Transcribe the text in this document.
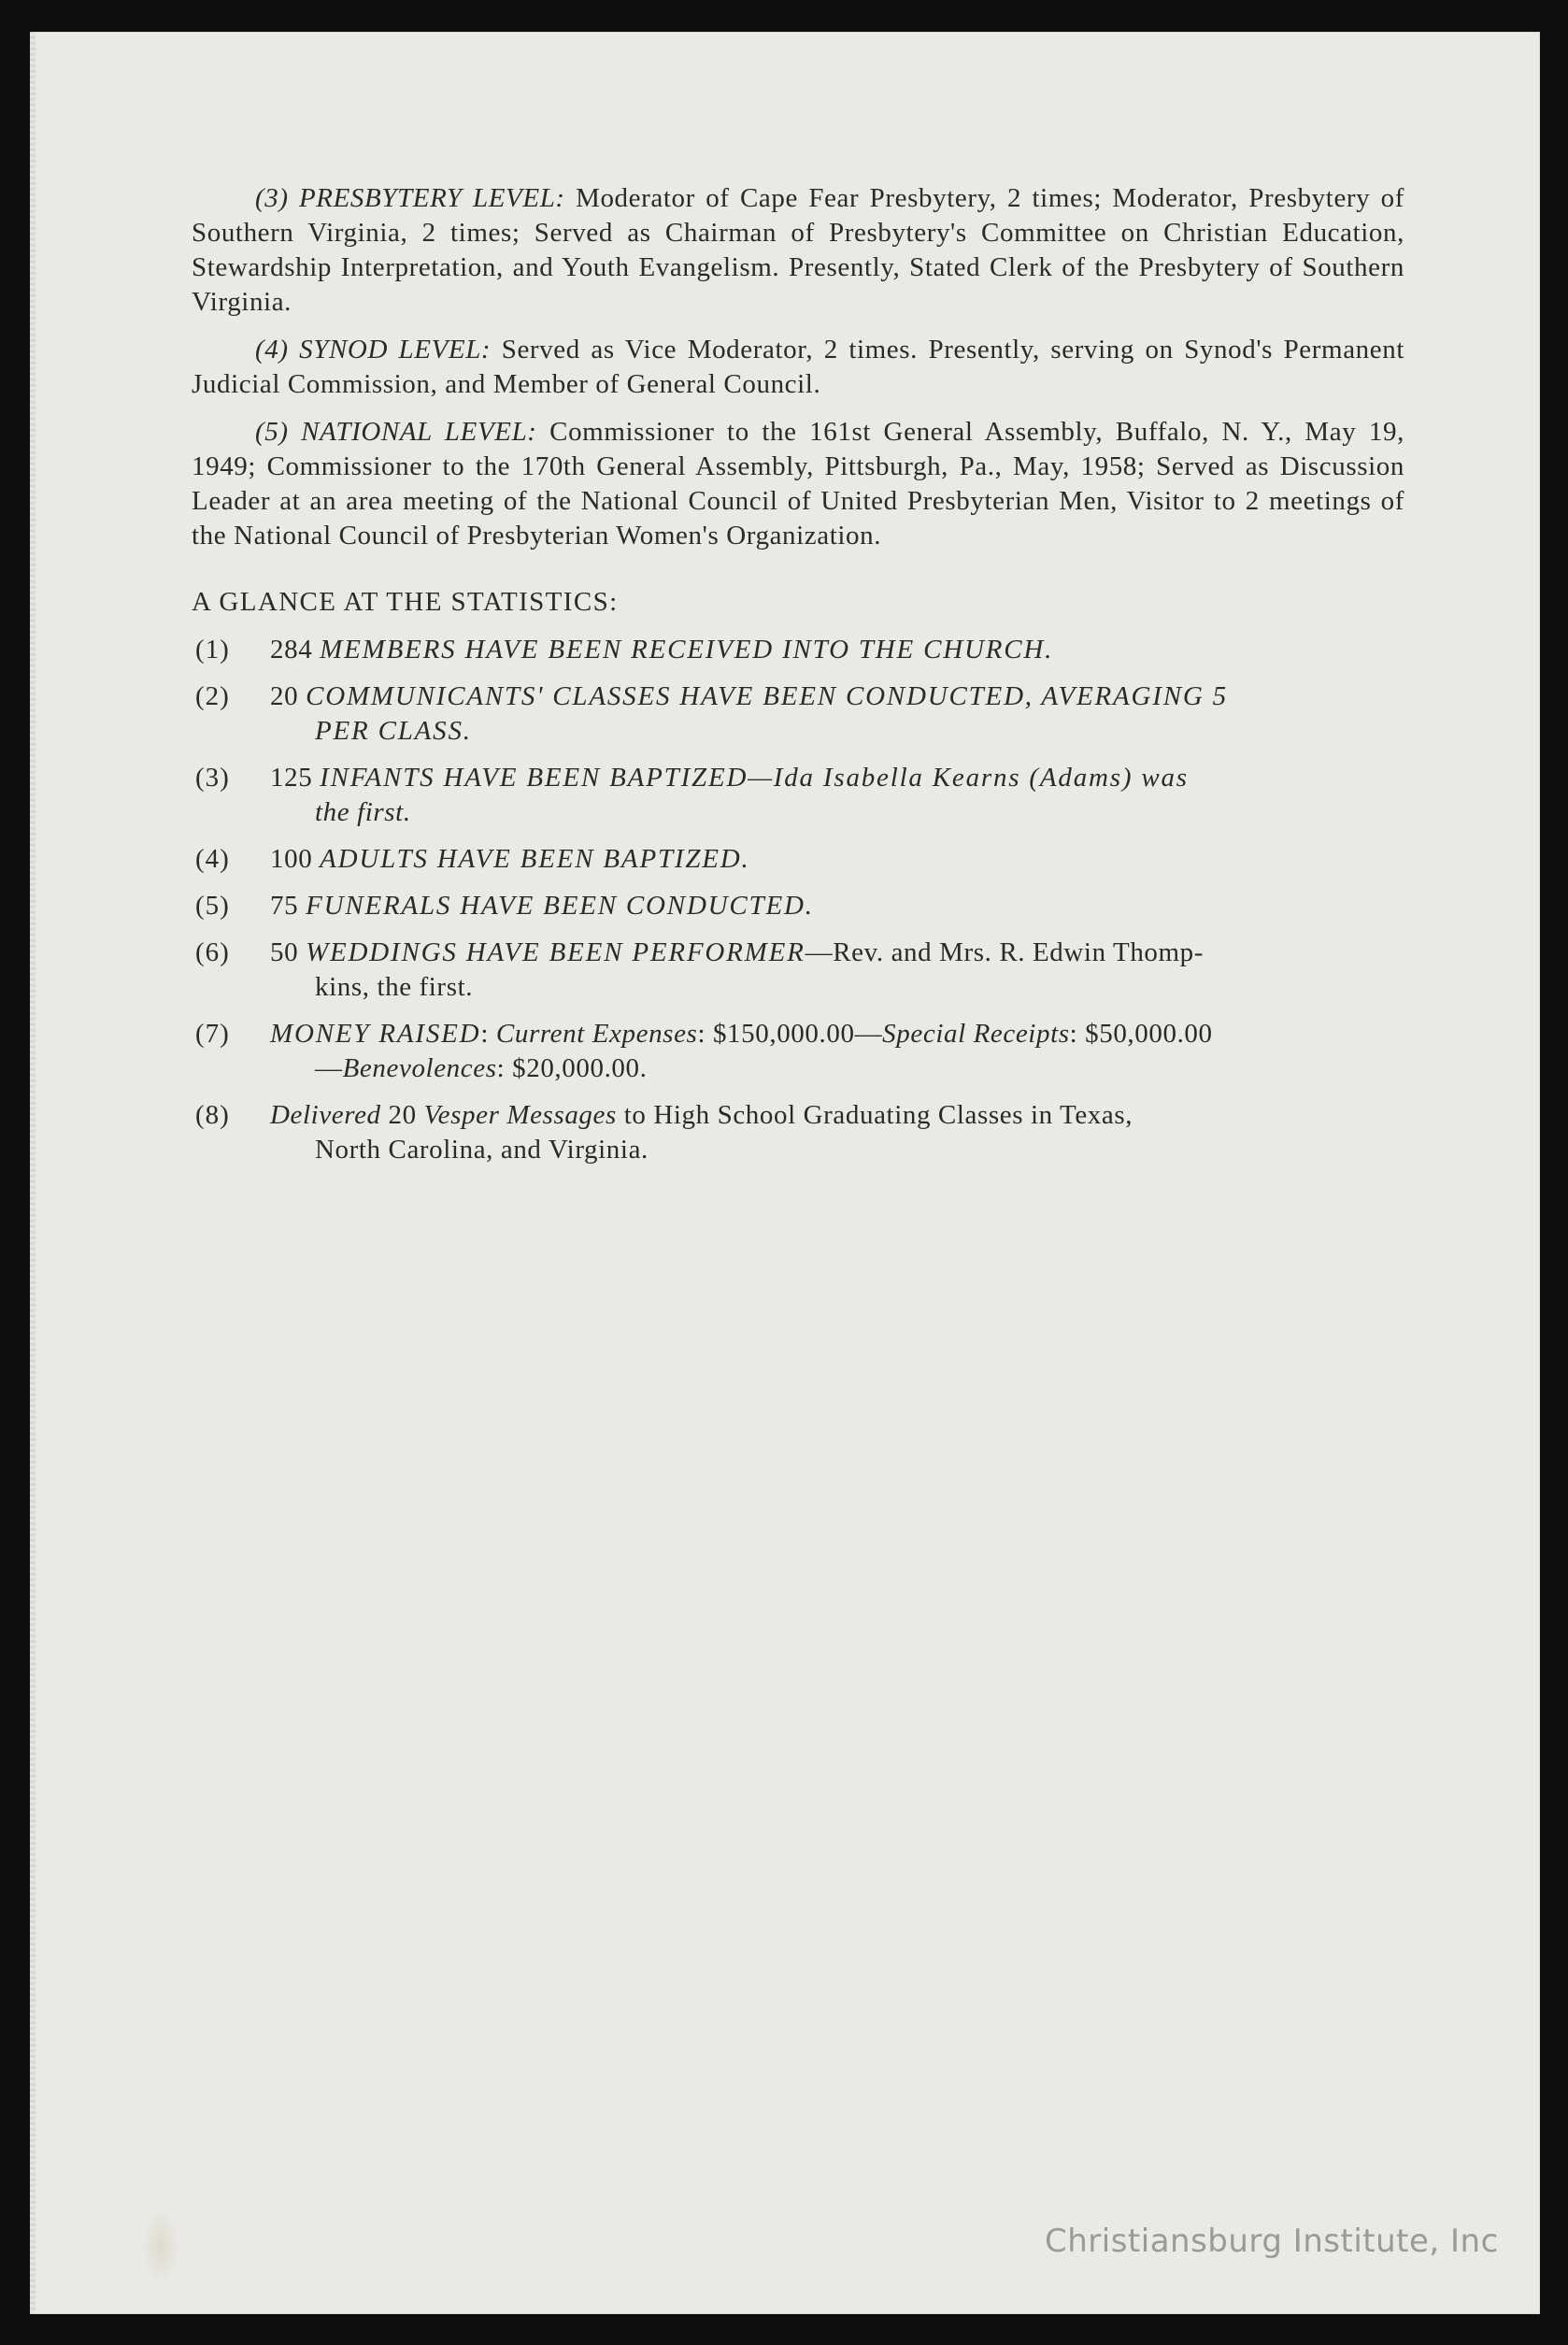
(3) PRESBYTERY LEVEL: Moderator of Cape Fear Presbytery, 2 times; Moderator, Presbytery of Southern Virginia, 2 times; Served as Chairman of Presbytery's Committee on Christian Education, Stewardship Interpretation, and Youth Evangelism. Presently, Stated Clerk of the Presbytery of Southern Virginia.

(4) SYNOD LEVEL: Served as Vice Moderator, 2 times. Presently, serving on Synod's Permanent Judicial Commission, and Member of General Council.

(5) NATIONAL LEVEL: Commissioner to the 161st General Assembly, Buffalo, N. Y., May 19, 1949; Commissioner to the 170th General Assembly, Pittsburgh, Pa., May, 1958; Served as Discussion Leader at an area meeting of the National Council of United Presbyterian Men, Visitor to 2 meetings of the National Council of Presbyterian Women's Organization.

A GLANCE AT THE STATISTICS:
(1) 284 MEMBERS HAVE BEEN RECEIVED INTO THE CHURCH.
(2) 20 COMMUNICANTS' CLASSES HAVE BEEN CONDUCTED, AVERAGING 5
PER CLASS.
(3) 125 INFANTS HAVE BEEN BAPTIZED—Ida Isabella Kearns (Adams) was
the first.
(4) 100 ADULTS HAVE BEEN BAPTIZED.
(5) 75 FUNERALS HAVE BEEN CONDUCTED.
(6) 50 WEDDINGS HAVE BEEN PERFORMER—Rev. and Mrs. R. Edwin Thomp-
kins, the first.
(7) MONEY RAISED: Current Expenses: $150,000.00—Special Receipts: $50,000.00
—Benevolences: $20,000.00.
(8) Delivered 20 Vesper Messages to High School Graduating Classes in Texas,
North Carolina, and Virginia.
Christiansburg Institute, Inc
